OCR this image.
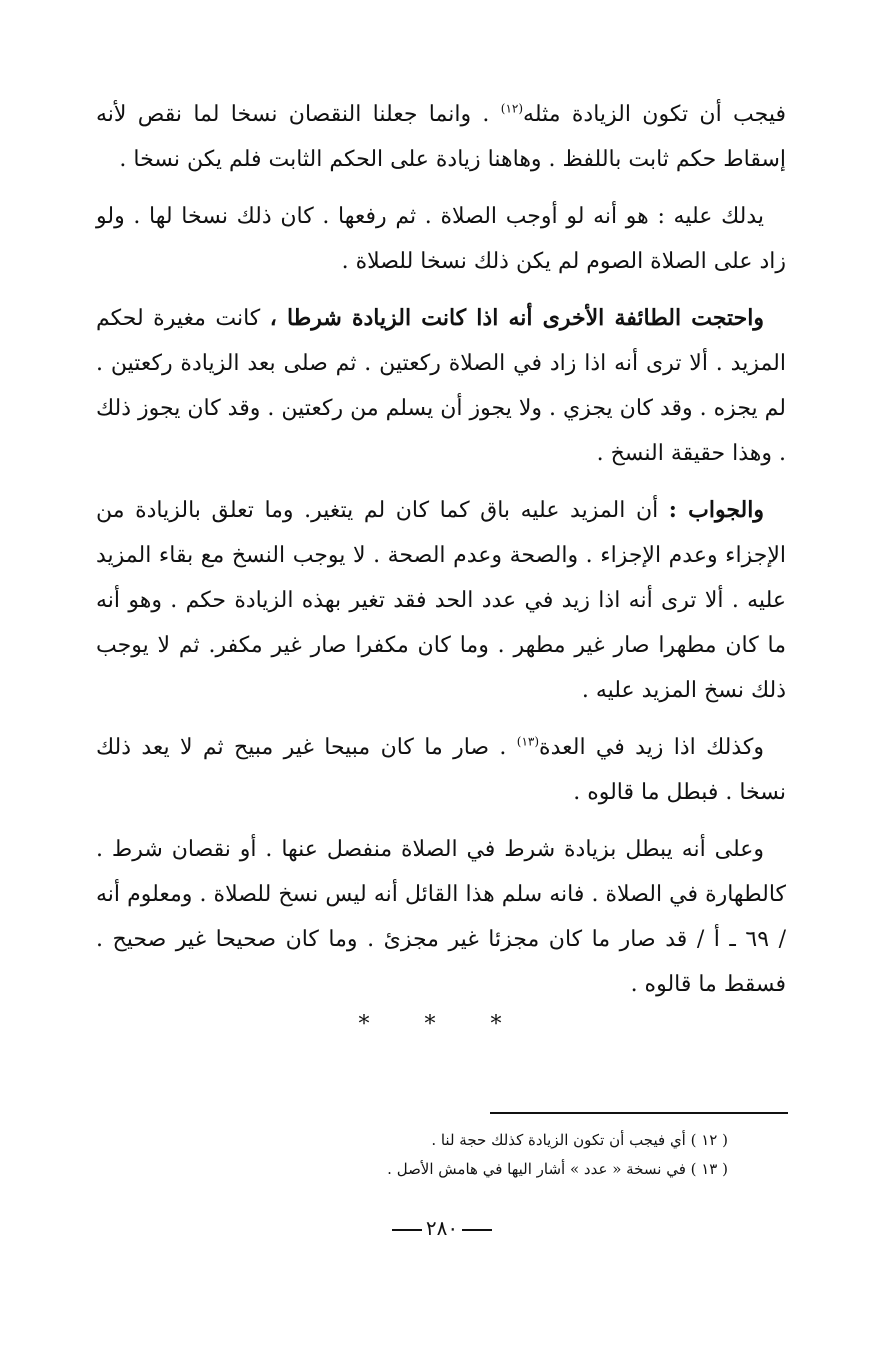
فيجب أن تكون الزيادة مثله$^{(١٢)}$ . وانما جعلنا النقصان نسخا لما نقص لأنه إسقاط حكم ثابت باللفظ . وهاهنا زيادة على الحكم الثابت فلم يكن نسخا .

يدلك عليه : هو أنه لو أوجب الصلاة . ثم رفعها . كان ذلك نسخا لها . ولو زاد على الصلاة الصوم لم يكن ذلك نسخا للصلاة .

واحتجت الطائفة الأخرى أنه اذا كانت الزيادة شرطا ، كانت مغيرة لحكم المزيد . ألا ترى أنه اذا زاد في الصلاة ركعتين . ثم صلى بعد الزيادة ركعتين . لم يجزه . وقد كان يجزي . ولا يجوز أن يسلم من ركعتين . وقد كان يجوز ذلك . وهذا حقيقة النسخ .

والجواب : أن المزيد عليه باق كما كان لم يتغير. وما تعلق بالزيادة من الإجزاء وعدم الإجزاء . والصحة وعدم الصحة . لا يوجب النسخ مع بقاء المزيد عليه . ألا ترى أنه اذا زيد في عدد الحد فقد تغير بهذه الزيادة حكم . وهو أنه ما كان مطهرا صار غير مطهر . وما كان مكفرا صار غير مكفر. ثم لا يوجب ذلك نسخ المزيد عليه .

وكذلك اذا زيد في العدة$^{(١٣)}$ . صار ما كان مبيحا غير مبيح ثم لا يعد ذلك نسخا . فبطل ما قالوه .

وعلى أنه يبطل بزيادة شرط في الصلاة منفصل عنها . أو نقصان شرط . كالطهارة في الصلاة . فانه سلم هذا القائل أنه ليس نسخ للصلاة . ومعلوم أنه / ٦٩ ـ أ / قد صار ما كان مجزئا غير مجزئ . وما كان صحيحا غير صحيح . فسقط ما قالوه .

* * *

( ١٢ ) أي فيجب أن تكون الزيادة كذلك حجة لنا .

( ١٣ ) في نسخة « عدد » أشار اليها في هامش الأصل .

٢٨٠
